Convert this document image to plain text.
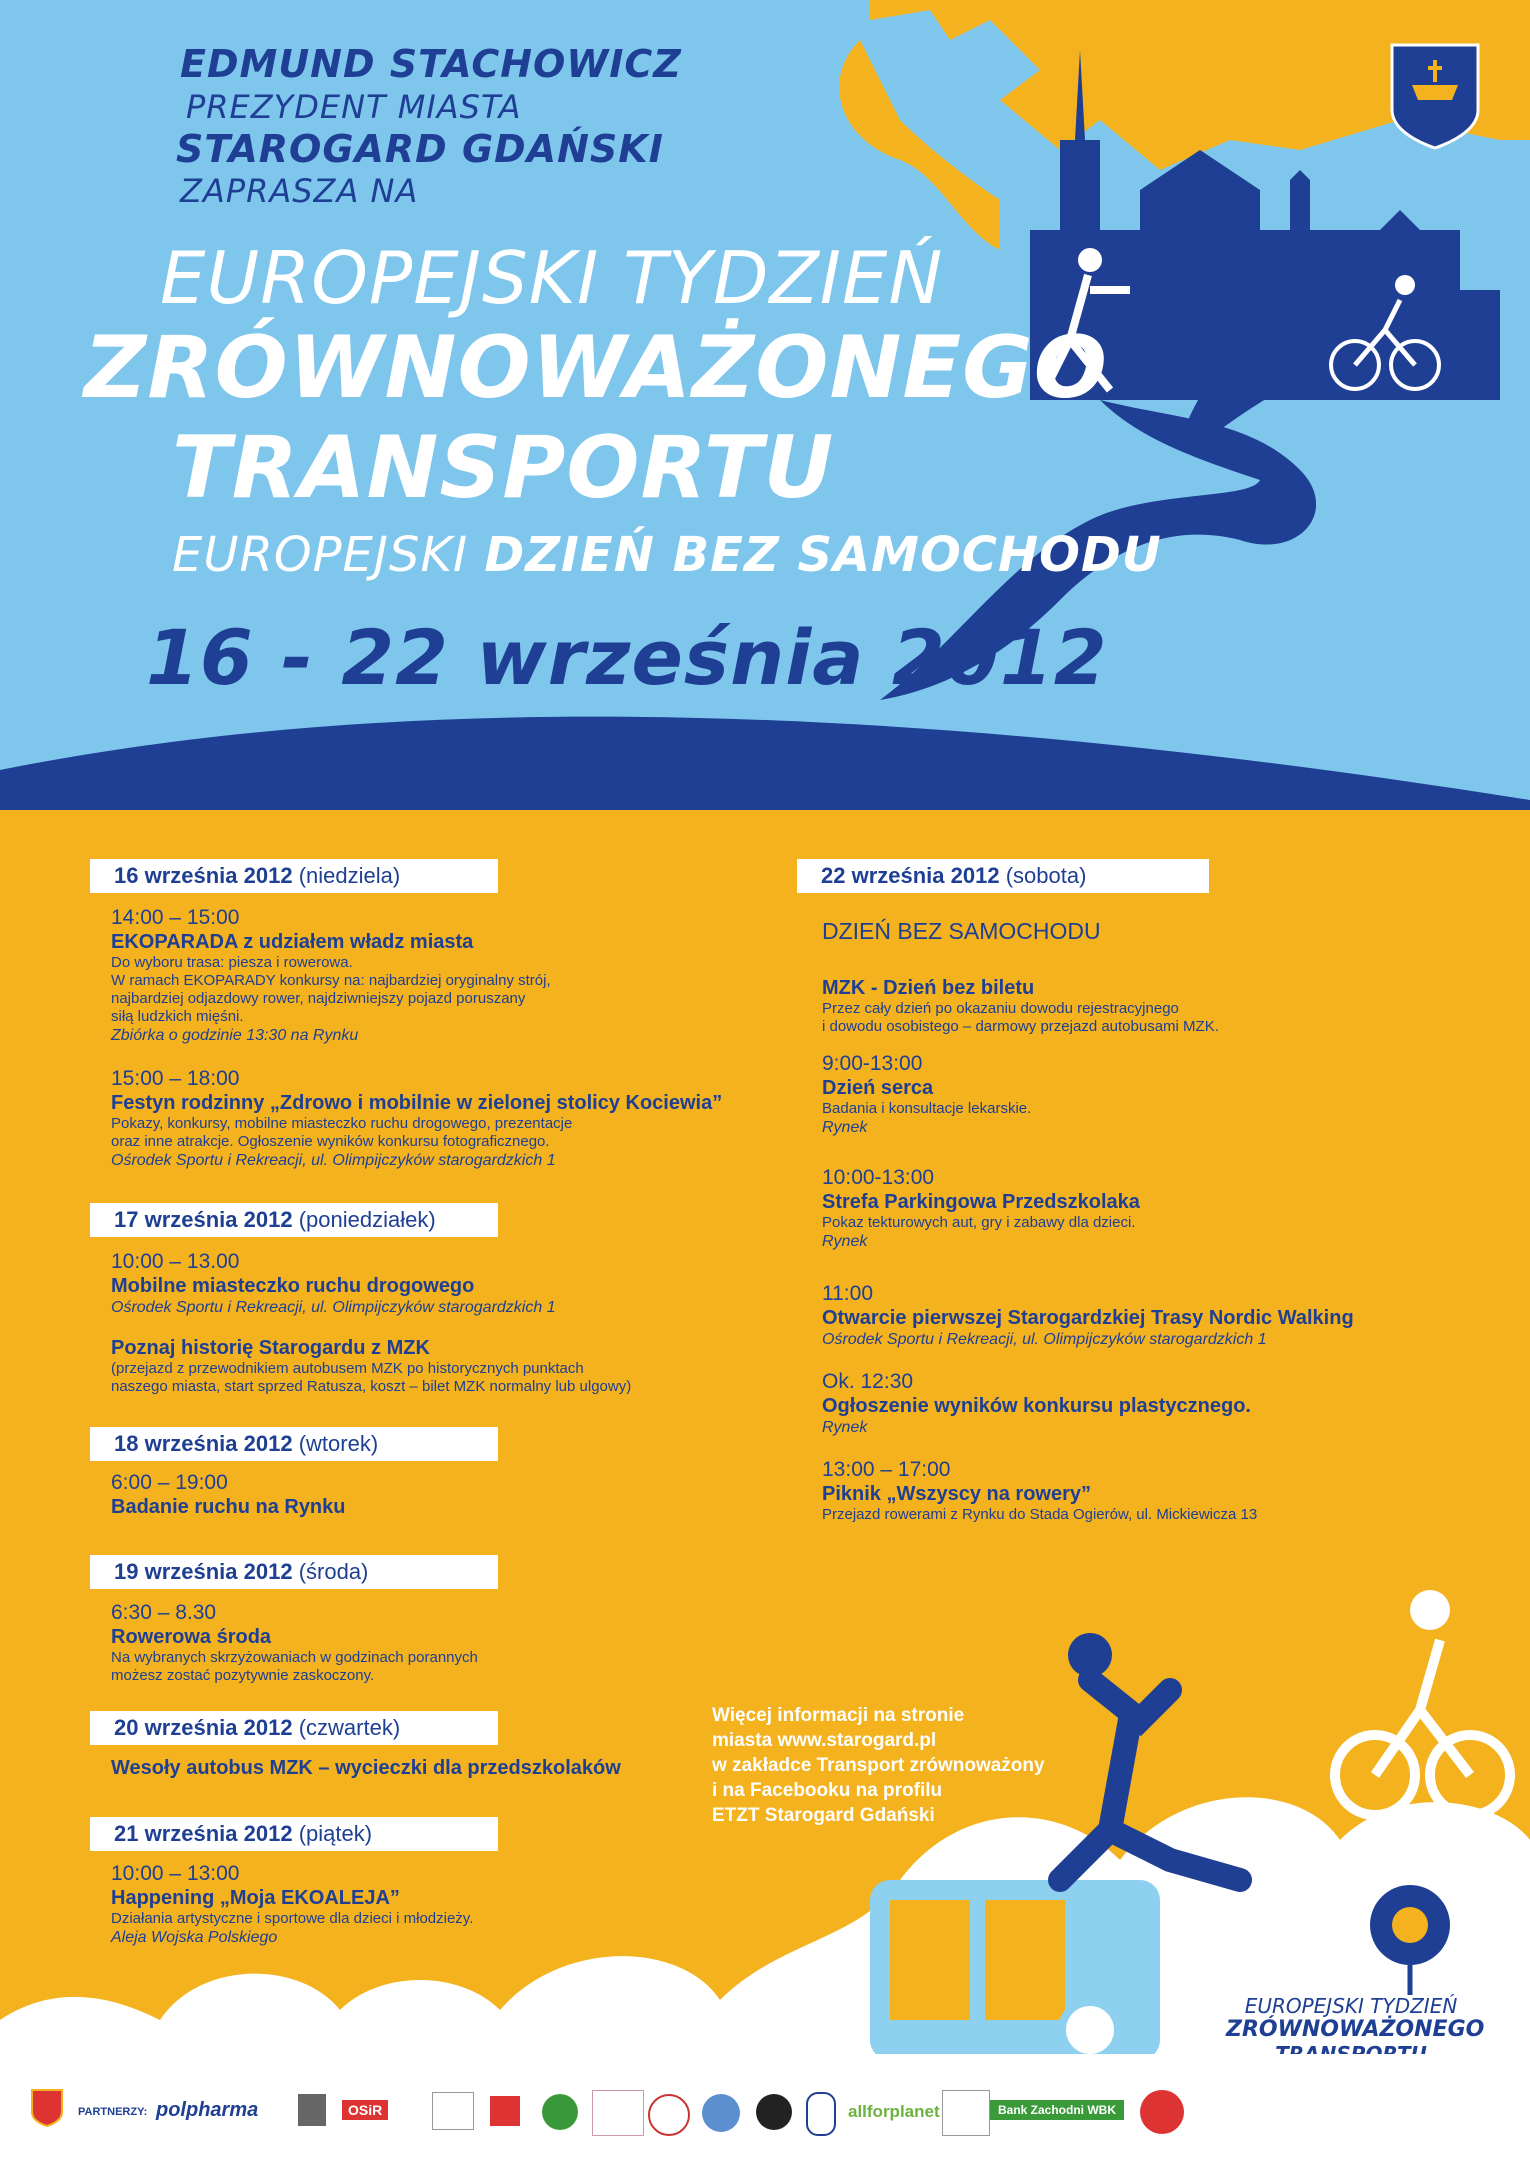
EDMUND STACHOWICZ
PREZYDENT MIASTA
STAROGARD GDAŃSKI
ZAPRASZA NA
EUROPEJSKI TYDZIEŃ
ZRÓWNOWAŻONEGO
TRANSPORTU
EUROPEJSKI DZIEŃ BEZ SAMOCHODU
16 - 22 września 2012
16 września 2012 (niedziela)
14:00 – 15:00
EKOPARADA z udziałem władz miasta
Do wyboru trasa: piesza i rowerowa.
W ramach EKOPARADY konkursy na: najbardziej oryginalny strój,
najbardziej odjazdowy rower, najdziwniejszy pojazd poruszany
siłą ludzkich mięśni.
Zbiórka o godzinie 13:30 na Rynku
15:00 – 18:00
Festyn rodzinny „Zdrowo i mobilnie w zielonej stolicy Kociewia”
Pokazy, konkursy, mobilne miasteczko ruchu drogowego, prezentacje
oraz inne atrakcje. Ogłoszenie wyników konkursu fotograficznego.
Ośrodek Sportu i Rekreacji, ul. Olimpijczyków starogardzkich 1
17 września 2012 (poniedziałek)
10:00 – 13.00
Mobilne miasteczko ruchu drogowego
Ośrodek Sportu i Rekreacji, ul. Olimpijczyków starogardzkich 1
Poznaj historię Starogardu z MZK
(przejazd z przewodnikiem autobusem MZK po historycznych punktach
naszego miasta, start sprzed Ratusza, koszt – bilet MZK normalny lub ulgowy)
18 września 2012 (wtorek)
6:00 – 19:00
Badanie ruchu na Rynku
19 września 2012 (środa)
6:30 – 8.30
Rowerowa środa
Na wybranych skrzyżowaniach w godzinach porannych
możesz zostać pozytywnie zaskoczony.
20 września 2012 (czwartek)
Wesoły autobus MZK – wycieczki dla przedszkolaków
21 września 2012 (piątek)
10:00 – 13:00
Happening „Moja EKOALEJA”
Działania artystyczne i sportowe dla dzieci i młodzieży.
Aleja Wojska Polskiego
22 września 2012 (sobota)
DZIEŃ BEZ SAMOCHODU
MZK - Dzień bez biletu
Przez cały dzień po okazaniu dowodu rejestracyjnego
i dowodu osobistego – darmowy przejazd autobusami MZK.
9:00-13:00
Dzień serca
Badania i konsultacje lekarskie.
Rynek
10:00-13:00
Strefa Parkingowa Przedszkolaka
Pokaz tekturowych aut, gry i zabawy dla dzieci.
Rynek
11:00
Otwarcie pierwszej Starogardzkiej Trasy Nordic Walking
Ośrodek Sportu i Rekreacji, ul. Olimpijczyków starogardzkich 1
Ok. 12:30
Ogłoszenie wyników konkursu plastycznego.
Rynek
13:00 – 17:00
Piknik „Wszyscy na rowery”
Przejazd rowerami z Rynku do Stada Ogierów, ul. Mickiewicza 13
Więcej informacji na stronie
miasta www.starogard.pl
w zakładce Transport zrównoważony
i na Facebooku na profilu
ETZT Starogard Gdański
EUROPEJSKI TYDZIEŃ
ZRÓWNOWAŻONEGO
PARTNERZY: polpharma	OSiR	allforplanet	Bank Zachodni WBK
